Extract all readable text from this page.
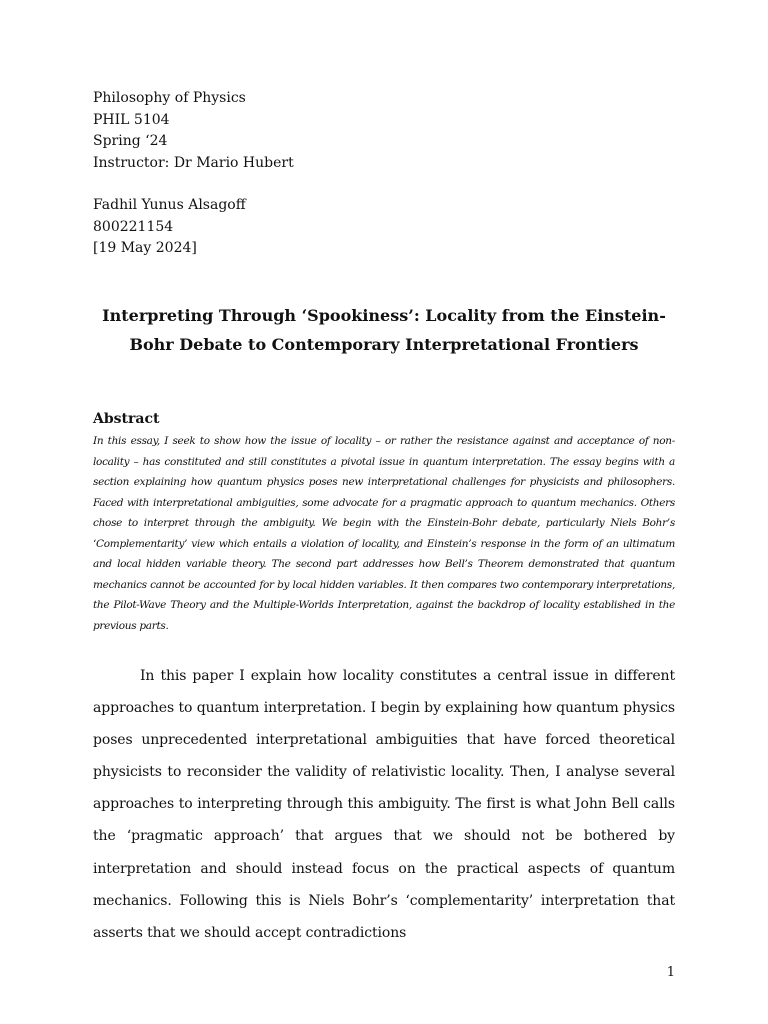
Philosophy of Physics
PHIL 5104
Spring ‘24
Instructor: Dr Mario Hubert
Fadhil Yunus Alsagoff
800221154
[19 May 2024]
Interpreting Through ‘Spookiness’: Locality from the Einstein-Bohr Debate to Contemporary Interpretational Frontiers
Abstract
In this essay, I seek to show how the issue of locality – or rather the resistance against and acceptance of non-locality – has constituted and still constitutes a pivotal issue in quantum interpretation. The essay begins with a section explaining how quantum physics poses new interpretational challenges for physicists and philosophers. Faced with interpretational ambiguities, some advocate for a pragmatic approach to quantum mechanics. Others chose to interpret through the ambiguity. We begin with the Einstein-Bohr debate, particularly Niels Bohr’s ‘Complementarity’ view which entails a violation of locality, and Einstein’s response in the form of an ultimatum and local hidden variable theory. The second part addresses how Bell’s Theorem demonstrated that quantum mechanics cannot be accounted for by local hidden variables. It then compares two contemporary interpretations, the Pilot-Wave Theory and the Multiple-Worlds Interpretation, against the backdrop of locality established in the previous parts.
In this paper I explain how locality constitutes a central issue in different approaches to quantum interpretation. I begin by explaining how quantum physics poses unprecedented interpretational ambiguities that have forced theoretical physicists to reconsider the validity of relativistic locality. Then, I analyse several approaches to interpreting through this ambiguity. The first is what John Bell calls the ‘pragmatic approach’ that argues that we should not be bothered by interpretation and should instead focus on the practical aspects of quantum mechanics. Following this is Niels Bohr’s ‘complementarity’ interpretation that asserts that we should accept contradictions
1
